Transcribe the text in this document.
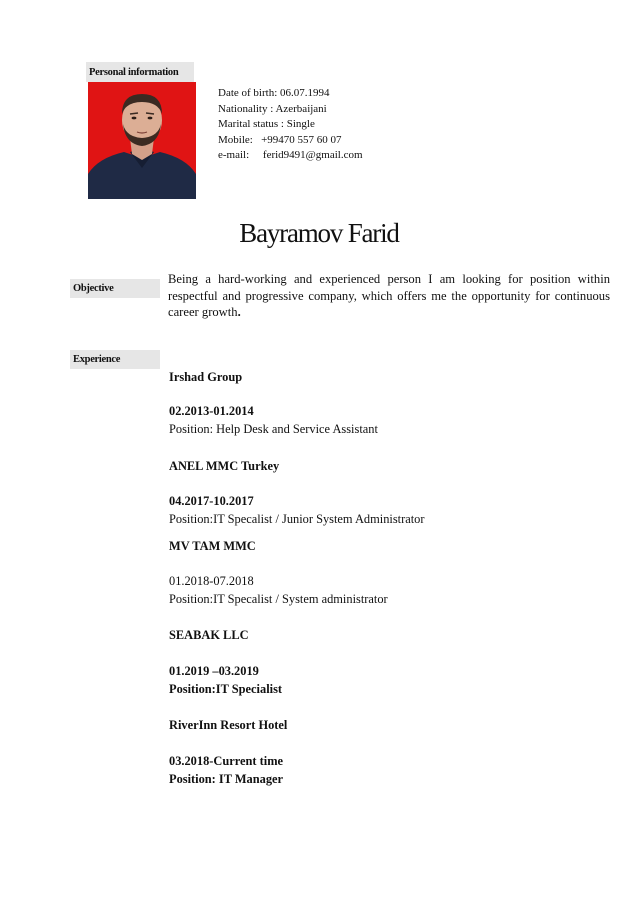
Personal information
Date of birth: 06.07.1994
Nationality : Azerbaijani
Marital status : Single
Mobile:   +99470 557 60 07
e-mail:     ferid9491@gmail.com
Bayramov Farid
Objective
Being a hard-working and experienced person I am looking for position within respectful and progressive company, which offers me the opportunity for continuous career growth.
Experience
Irshad Group
02.2013-01.2014
Position: Help Desk and Service Assistant
ANEL MMC Turkey
04.2017-10.2017
Position:IT Specalist / Junior System Administrator
MV TAM MMC
01.2018-07.2018
Position:IT Specalist / System administrator
SEABAK LLC
01.2019 –03.2019
Position:IT Specialist
RiverInn Resort Hotel
03.2018-Current time
Position: IT Manager
